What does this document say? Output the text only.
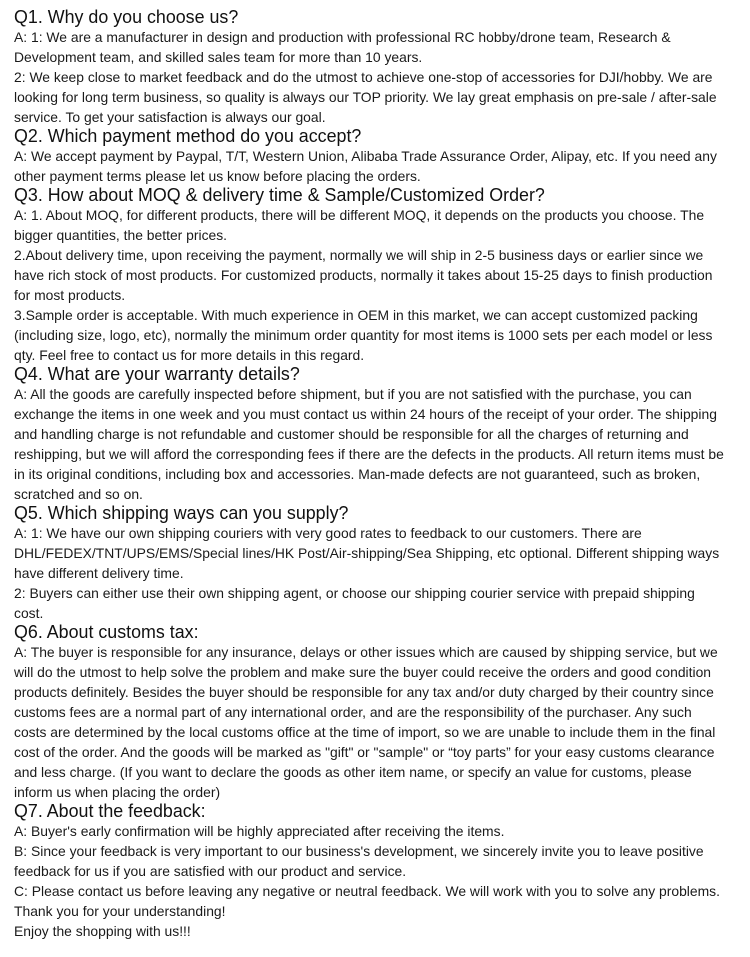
Q1. Why do you choose us?
A: 1: We are a manufacturer in design and production with professional RC hobby/drone team, Research &
Development team, and skilled sales team for more than 10 years.
2: We keep close to market feedback and do the utmost to achieve one-stop of accessories for DJI/hobby. We are
looking for long term business, so quality is always our TOP priority. We lay great emphasis on pre-sale / after-sale
service. To get your satisfaction is always our goal.
Q2. Which payment method do you accept?
A: We accept payment by Paypal, T/T, Western Union, Alibaba Trade Assurance Order, Alipay, etc. If you need any
other payment terms please let us know before placing the orders.
Q3. How about MOQ & delivery time & Sample/Customized Order?
A: 1. About MOQ, for different products, there will be different MOQ, it depends on the products you choose. The
bigger quantities, the better prices.
2.About delivery time, upon receiving the payment, normally we will ship in 2-5 business days or earlier since we
have rich stock of most products. For customized products, normally it takes about 15-25 days to finish production
for most products.
3.Sample order is acceptable. With much experience in OEM in this market, we can accept customized packing
(including size, logo, etc), normally the minimum order quantity for most items is 1000 sets per each model or less
qty. Feel free to contact us for more details in this regard.
Q4. What are your warranty details?
A: All the goods are carefully inspected before shipment, but if you are not satisfied with the purchase, you can
exchange the items in one week and you must contact us within 24 hours of the receipt of your order. The shipping
and handling charge is not refundable and customer should be responsible for all the charges of returning and
reshipping, but we will afford the corresponding fees if there are the defects in the products. All return items must be
in its original conditions, including box and accessories. Man-made defects are not guaranteed, such as broken,
scratched and so on.
Q5. Which shipping ways can you supply?
A: 1: We have our own shipping couriers with very good rates to feedback to our customers. There are
DHL/FEDEX/TNT/UPS/EMS/Special lines/HK Post/Air-shipping/Sea Shipping, etc optional. Different shipping ways
have different delivery time.
2: Buyers can either use their own shipping agent, or choose our shipping courier service with prepaid shipping
cost.
Q6. About customs tax:
A: The buyer is responsible for any insurance, delays or other issues which are caused by shipping service, but we
will do the utmost to help solve the problem and make sure the buyer could receive the orders and good condition
products definitely. Besides the buyer should be responsible for any tax and/or duty charged by their country since
customs fees are a normal part of any international order, and are the responsibility of the purchaser. Any such
costs are determined by the local customs office at the time of import, so we are unable to include them in the final
cost of the order. And the goods will be marked as "gift" or "sample" or “toy parts” for your easy customs clearance
and less charge. (If you want to declare the goods as other item name, or specify an value for customs, please
inform us when placing the order)
Q7. About the feedback:
A: Buyer's early confirmation will be highly appreciated after receiving the items.
B: Since your feedback is very important to our business's development, we sincerely invite you to leave positive
feedback for us if you are satisfied with our product and service.
C: Please contact us before leaving any negative or neutral feedback. We will work with you to solve any problems.
Thank you for your understanding!
Enjoy the shopping with us!!!
